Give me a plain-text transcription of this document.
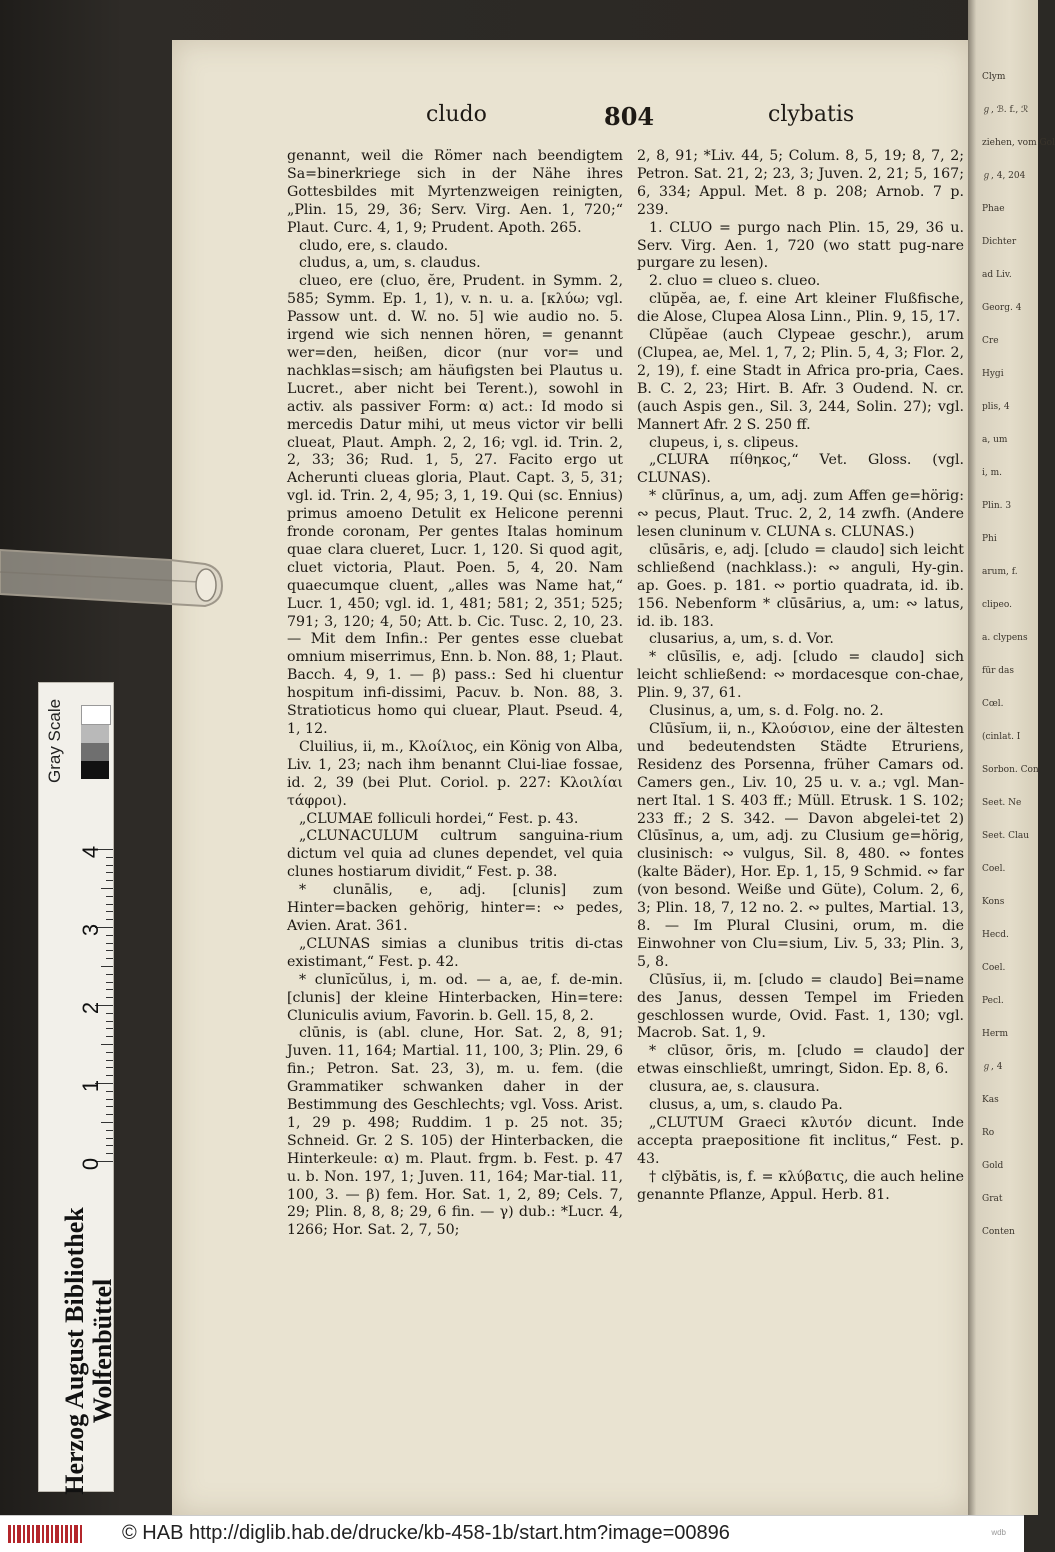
Clym
ℊ, ℬ. f., ℛ
ziehen, vom Gol
ℊ, 4, 204
Phae
Dichter
ad Liv.
Georg. 4
Cre
Hygi
plis, 4
a, um
i, m.
Plin. 3
Phi
arum, f.
clipeo.
a. clypens
für das
Cœl.
(cinlat. I
Sorbon. Con
Seet. Ne
Seet. Clau
Coel.
Kons
Hecd.
Coel.
Pecl.
Herm
ℊ, 4
Kas
Ro
Gold
Grat
Conten
cludo	804	clybatis

genannt, weil die Römer nach beendigtem Sa=binerkriege sich in der Nähe ihres Gottesbildes mit Myrtenzweigen reinigten, „Plin. 15, 29, 36; Serv. Virg. Aen. 1, 720;“ Plaut. Curc. 4, 1, 9; Prudent. Apoth. 265.

cludo, ere, s. claudo.

cludus, a, um, s. claudus.

clueo, ere (cluo, ĕre, Prudent. in Symm. 2, 585; Symm. Ep. 1, 1), v. n. u. a. [κλύω; vgl. Passow unt. d. W. no. 5] wie audio no. 5. irgend wie sich nennen hören, = genannt wer=den, heißen, dicor (nur vor= und nachklas=sisch; am häufigsten bei Plautus u. Lucret., aber nicht bei Terent.), sowohl in activ. als passiver Form: α) act.: Id modo si mercedis Datur mihi, ut meus victor vir belli clueat, Plaut. Amph. 2, 2, 16; vgl. id. Trin. 2, 2, 33; 36; Rud. 1, 5, 27. Facito ergo ut Acherunti clueas gloria, Plaut. Capt. 3, 5, 31; vgl. id. Trin. 2, 4, 95; 3, 1, 19. Qui (sc. Ennius) primus amoeno Detulit ex Helicone perenni fronde coronam, Per gentes Italas hominum quae clara clueret, Lucr. 1, 120. Si quod agit, cluet victoria, Plaut. Poen. 5, 4, 20. Nam quaecumque cluent, „alles was Name hat,“ Lucr. 1, 450; vgl. id. 1, 481; 581; 2, 351; 525; 791; 3, 120; 4, 50; Att. b. Cic. Tusc. 2, 10, 23. — Mit dem Infin.: Per gentes esse cluebat omnium miserrimus, Enn. b. Non. 88, 1; Plaut. Bacch. 4, 9, 1. — β) pass.: Sed hi cluentur hospitum infi-dissimi, Pacuv. b. Non. 88, 3. Stratioticus homo qui cluear, Plaut. Pseud. 4, 1, 12.

Cluilius, ii, m., Κλοίλιος, ein König von Alba, Liv. 1, 23; nach ihm benannt Clui-liae fossae, id. 2, 39 (bei Plut. Coriol. p. 227: Κλοιλίαι τάφροι).

„CLUMAE folliculi hordei,“ Fest. p. 43.

„CLUNACULUM cultrum sanguina-rium dictum vel quia ad clunes dependet, vel quia clunes hostiarum dividit,“ Fest. p. 38.

* clunālis, e, adj. [clunis] zum Hinter=backen gehörig, hinter=: ∾ pedes, Avien. Arat. 361.

„CLUNAS simias a clunibus tritis di-ctas existimant,“ Fest. p. 42.

* clunĭcŭlus, i, m. od. — a, ae, f. de-min. [clunis] der kleine Hinterbacken, Hin=tere: Cluniculis avium, Favorin. b. Gell. 15, 8, 2.

clūnis, is (abl. clune, Hor. Sat. 2, 8, 91; Juven. 11, 164; Martial. 11, 100, 3; Plin. 29, 6 fin.; Petron. Sat. 23, 3), m. u. fem. (die Grammatiker schwanken daher in der Bestimmung des Geschlechts; vgl. Voss. Arist. 1, 29 p. 498; Ruddim. 1 p. 25 not. 35; Schneid. Gr. 2 S. 105) der Hinterbacken, die Hinterkeule: α) m. Plaut. frgm. b. Fest. p. 47 u. b. Non. 197, 1; Juven. 11, 164; Mar-tial. 11, 100, 3. — β) fem. Hor. Sat. 1, 2, 89; Cels. 7, 29; Plin. 8, 8, 8; 29, 6 fin. — γ) dub.: *Lucr. 4, 1266; Hor. Sat. 2, 7, 50;

2, 8, 91; *Liv. 44, 5; Colum. 8, 5, 19; 8, 7, 2; Petron. Sat. 21, 2; 23, 3; Juven. 2, 21; 5, 167; 6, 334; Appul. Met. 8 p. 208; Arnob. 7 p. 239.

1. CLUO = purgo nach Plin. 15, 29, 36 u. Serv. Virg. Aen. 1, 720 (wo statt pug-nare purgare zu lesen).

2. cluo = clueo s. clueo.

clŭpĕa, ae, f. eine Art kleiner Flußfische, die Alose, Clupea Alosa Linn., Plin. 9, 15, 17.

Clŭpĕae (auch Clypeae geschr.), arum (Clupea, ae, Mel. 1, 7, 2; Plin. 5, 4, 3; Flor. 2, 2, 19), f. eine Stadt in Africa pro-pria, Caes. B. C. 2, 23; Hirt. B. Afr. 3 Oudend. N. cr. (auch Aspis gen., Sil. 3, 244, Solin. 27); vgl. Mannert Afr. 2 S. 250 ff.

clupeus, i, s. clipeus.

„CLURA πίθηκος,“ Vet. Gloss. (vgl. CLUNAS).

* clūrīnus, a, um, adj. zum Affen ge=hörig: ∾ pecus, Plaut. Truc. 2, 2, 14 zwfh. (Andere lesen cluninum v. CLUNA s. CLUNAS.)

clūsāris, e, adj. [cludo = claudo] sich leicht schließend (nachklass.): ∾ anguli, Hy-gin. ap. Goes. p. 181. ∾ portio quadrata, id. ib. 156. Nebenform * clūsārius, a, um: ∾ latus, id. ib. 183.

clusarius, a, um, s. d. Vor.

* clūsĭlis, e, adj. [cludo = claudo] sich leicht schließend: ∾ mordacesque con-chae, Plin. 9, 37, 61.

Clusinus, a, um, s. d. Folg. no. 2.

Clūsĭum, ii, n., Κλούσιον, eine der ältesten und bedeutendsten Städte Etruriens, Residenz des Porsenna, früher Camars od. Camers gen., Liv. 10, 25 u. v. a.; vgl. Man-nert Ital. 1 S. 403 ff.; Müll. Etrusk. 1 S. 102; 233 ff.; 2 S. 342. — Davon abgelei-tet 2) Clūsīnus, a, um, adj. zu Clusium ge=hörig, clusinisch: ∾ vulgus, Sil. 8, 480. ∾ fontes (kalte Bäder), Hor. Ep. 1, 15, 9 Schmid. ∾ far (von besond. Weiße und Güte), Colum. 2, 6, 3; Plin. 18, 7, 12 no. 2. ∾ pultes, Martial. 13, 8. — Im Plural Clusini, orum, m. die Einwohner von Clu=sium, Liv. 5, 33; Plin. 3, 5, 8.

Clūsĭus, ii, m. [cludo = claudo] Bei=name des Janus, dessen Tempel im Frieden geschlossen wurde, Ovid. Fast. 1, 130; vgl. Macrob. Sat. 1, 9.

* clūsor, ōris, m. [cludo = claudo] der etwas einschließt, umringt, Sidon. Ep. 8, 6.

clusura, ae, s. clausura.

clusus, a, um, s. claudo Pa.

„CLUTUM Graeci κλυτόν dicunt. Inde accepta praepositione fit inclitus,“ Fest. p. 43.

† clȳbătis, is, f. = κλύβατις, die auch heline genannte Pflanze, Appul. Herb. 81.

Gray Scale
0
1
2
3
4
Herzog August Bibliothek Wolfenbüttel
© HAB http://diglib.hab.de/drucke/kb-458-1b/start.htm?image=00896	wdb
